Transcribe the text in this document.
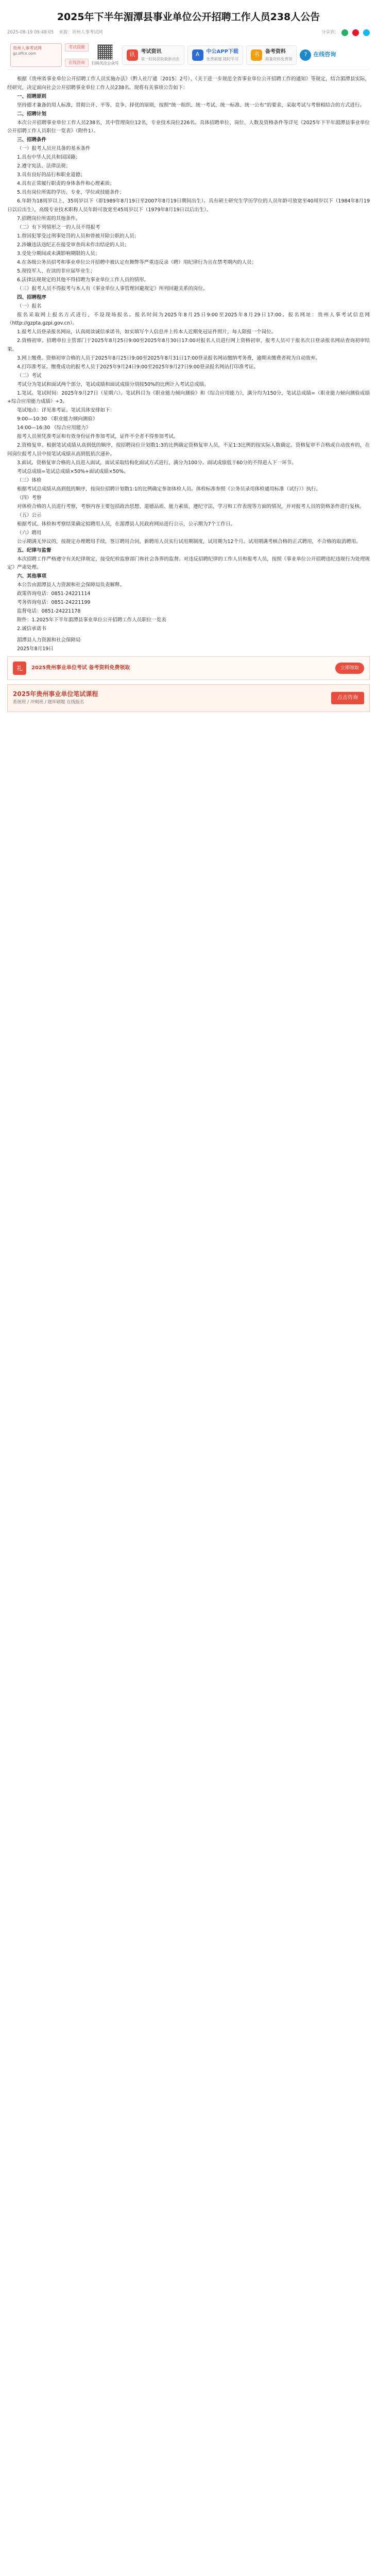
2025年下半年湄潭县事业单位公开招聘工作人员238人公告
2025-08-19 09:48:05 来源：贵州人事考试网	分享到：
贵州人事考试网
gz.offcn.com
考试提醒
在线咨询	扫码关注公众号
讯	考试资讯
第一时间获取最新动态
A	中公APP下载
免费刷题 随时学习
书	备考资料
海量资料免费领
?	在线咨询

根据《贵州省事业单位公开招聘工作人员实施办法》（黔人社厅通〔2015〕2号）、《关于进一步规范全省事业单位公开招聘工作的通知》等规定，结合湄潭县实际，经研究，决定面向社会公开招聘事业单位工作人员238名。现将有关事项公告如下：

一、招聘原则

坚持德才兼备的用人标准，贯彻公开、平等、竞争、择优的原则，按照“统一组织、统一考试、统一标准、统一公布”的要求，采取考试与考察相结合的方式进行。

二、招聘计划

本次公开招聘事业单位工作人员238名，其中管理岗位12名，专业技术岗位226名。具体招聘单位、岗位、人数及资格条件等详见《2025年下半年湄潭县事业单位公开招聘工作人员职位一览表》（附件1）。

三、招聘条件

（一）报考人员应具备的基本条件

1.具有中华人民共和国国籍；

2.遵守宪法、法律法规；

3.具有良好的品行和职业道德；

4.具有正常履行职责的身体条件和心理素质；

5.具有岗位所需的学历、专业、学位或技能条件；

6.年龄为18周岁以上、35周岁以下（即1989年8月19日至2007年8月19日期间出生）。具有硕士研究生学历学位的人员年龄可放宽至40周岁以下（1984年8月19日以后出生），高级专业技术职称人员年龄可放宽至45周岁以下（1979年8月19日以后出生）。

7.招聘岗位所需的其他条件。

（二）有下列情形之一的人员不得报考

1.曾因犯罪受过刑事处罚的人员和曾被开除公职的人员；

2.涉嫌违法违纪正在接受审查尚未作出结论的人员；

3.受处分期间或未满影响期限的人员；

4.在各级公务员招考和事业单位公开招聘中被认定有舞弊等严重违反录（聘）用纪律行为且在禁考期内的人员；

5.现役军人、在读的非应届毕业生；

6.法律法规规定的其他不得招聘为事业单位工作人员的情形。

（三）报考人员不得报考与本人有《事业单位人事管理回避规定》所列回避关系的岗位。

四、招聘程序

（一）报名

报名采取网上报名方式进行，不设现场报名。报名时间为2025年8月25日9:00至2025年8月29日17:00。报名网址：贵州人事考试信息网（http://gzpta.gzpi.gov.cn）。

1.报考人员登录报名网站，认真阅读诚信承诺书，如实填写个人信息并上传本人近期免冠证件照片，每人限报一个岗位。

2.资格初审。招聘单位主管部门于2025年8月25日9:00至2025年8月30日17:00对报名人员进行网上资格初审，报考人员可于报名次日登录报名网站查询初审结果。

3.网上缴费。资格初审合格的人员于2025年8月25日9:00至2025年8月31日17:00登录报名网站缴纳考务费，逾期未缴费者视为自动放弃。

4.打印准考证。缴费成功的报考人员于2025年9月24日9:00至2025年9月27日9:00登录报名网站打印准考证。

（二）考试

考试分为笔试和面试两个部分，笔试成绩和面试成绩分别按50%的比例计入考试总成绩。

1.笔试。笔试时间：2025年9月27日（星期六）。笔试科目为《职业能力倾向测验》和《综合应用能力》，满分均为150分，笔试总成绩=（职业能力倾向测验成绩+综合应用能力成绩）÷3。

笔试地点：详见准考证。笔试具体安排如下：

9:00—10:30 《职业能力倾向测验》

14:00—16:30 《综合应用能力》

报考人员须凭准考证和有效身份证件参加考试，证件不全者不得参加考试。

2.资格复审。根据笔试成绩从高到低的顺序，按招聘岗位计划数1:3的比例确定资格复审人员，不足1:3比例的按实际人数确定。资格复审不合格或自动放弃的，在同岗位报考人员中按笔试成绩从高到低依次递补。

3.面试。资格复审合格的人员进入面试，面试采取结构化面试方式进行，满分为100分。面试成绩低于60分的不得进入下一环节。

考试总成绩=笔试总成绩×50%+面试成绩×50%。

（三）体检

根据考试总成绩从高到低的顺序，按岗位招聘计划数1:1的比例确定参加体检人员。体检标准参照《公务员录用体检通用标准（试行）》执行。

（四）考察

对体检合格的人员进行考察，考察内容主要包括政治思想、道德品质、能力素质、遵纪守法、学习和工作表现等方面的情况，并对报考人员的资格条件进行复核。

（五）公示

根据考试、体检和考察结果确定拟聘用人员，在湄潭县人民政府网站进行公示，公示期为7个工作日。

（六）聘用

公示期满无异议的，按规定办理聘用手续，签订聘用合同，新聘用人员实行试用期制度，试用期为12个月。试用期满考核合格的正式聘用，不合格的取消聘用。

五、纪律与监督

本次招聘工作严格遵守有关纪律规定，接受纪检监察部门和社会各界的监督。对违反招聘纪律的工作人员和报考人员，按照《事业单位公开招聘违纪违规行为处理规定》严肃处理。

六、其他事项

本公告由湄潭县人力资源和社会保障局负责解释。

政策咨询电话：0851-24221114

考务咨询电话：0851-24221199

监督电话：0851-24221178

附件：1.2025年下半年湄潭县事业单位公开招聘工作人员职位一览表

2.诚信承诺书

湄潭县人力资源和社会保障局

2025年8月19日

礼	2025贵州事业单位考试 备考资料免费领取	立即领取
2025年贵州事业单位笔试课程
系统班 / 冲刺班 / 题库刷题 在线报名
点击咨询
